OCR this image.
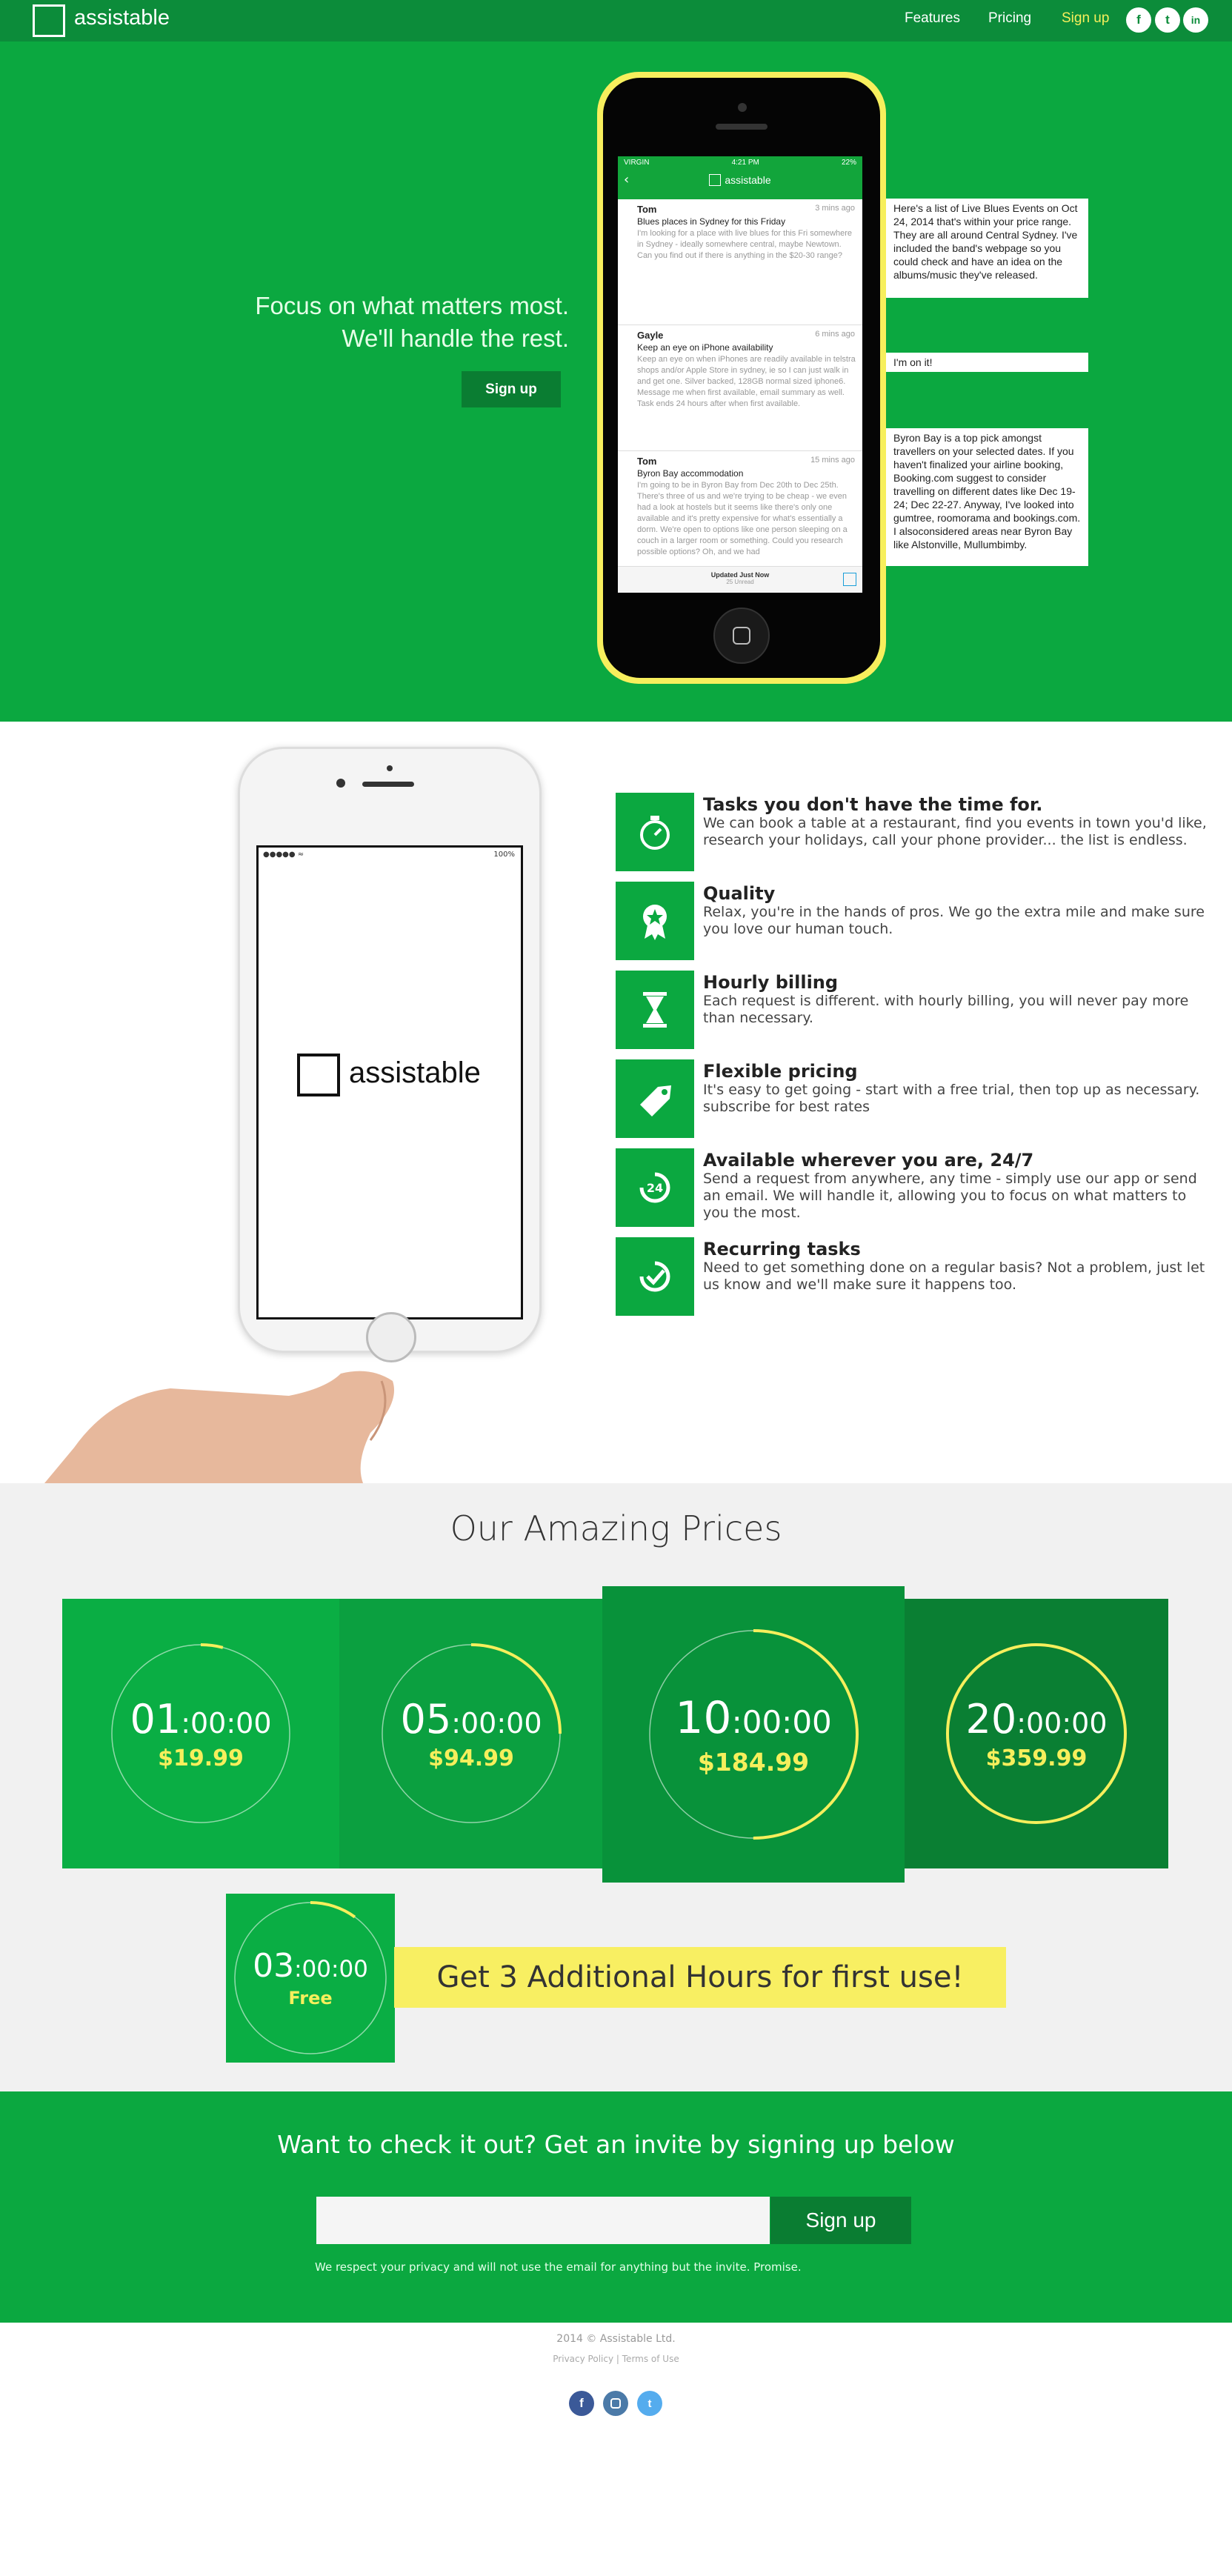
assistable	Features Pricing Sign up	f	t	in
Focus on what matters most.
We'll handle the rest.
Sign up
VIRGIN	4:21 PM	22%
‹	assistable
Tom	3 mins ago
Blues places in Sydney for this Friday
I'm looking for a place with live blues for this Fri somewhere in Sydney - ideally somewhere central, maybe Newtown. Can you find out if there is anything in the $20-30 range?
Gayle	6 mins ago
Keep an eye on iPhone availability
Keep an eye on when iPhones are readily available in telstra shops and/or Apple Store in sydney, ie so I can just walk in and get one. Silver backed, 128GB normal sized iphone6. Message me when first available, email summary as well. Task ends 24 hours after when first available.
Tom	15 mins ago
Byron Bay accommodation
I'm going to be in Byron Bay from Dec 20th to Dec 25th. There's three of us and we're trying to be cheap - we even had a look at hostels but it seems like there's only one available and it's pretty expensive for what's essentially a dorm. We're open to options like one person sleeping on a couch in a larger room or something. Could you research possible options? Oh, and we had
Updated Just Now
25 Unread
Here's a list of Live Blues Events on Oct 24, 2014 that's within your price range. They are all around Central Sydney. I've included the band's webpage so you could check and have an idea on the albums/music they've released.
I'm on it!
Byron Bay is a top pick amongst travellers on your selected dates. If you haven't finalized your airline booking, Booking.com suggest to consider travelling on different dates like Dec 19-24; Dec 22-27. Anyway, I've looked into gumtree, roomorama and bookings.com. I alsoconsidered areas near Byron Bay like Alstonville, Mullumbimby.
●●●●● ≈	100%
assistable
Tasks you don't have the time for.
We can book a table at a restaurant, find you events in town you'd like, research your holidays, call your phone provider... the list is endless.
Quality
Relax, you're in the hands of pros. We go the extra mile and make sure you love our human touch.
Hourly billing
Each request is different. with hourly billing, you will never pay more than necessary.
Flexible pricing
It's easy to get going - start with a free trial, then top up as necessary. subscribe for best rates
24
Available wherever you are, 24/7
Send a request from anywhere, any time - simply use our app or send an email. We will handle it, allowing you to focus on what matters to you the most.
Recurring tasks
Need to get something done on a regular basis? Not a problem, just let us know and we'll make sure it happens too.
Our Amazing Prices
01:00:00
$19.99
05:00:00
$94.99
10:00:00
$184.99
20:00:00
$359.99
03:00:00
Free
Get 3 Additional Hours for first use!
Want to check it out? Get an invite by signing up below
Sign up
We respect your privacy and will not use the email for anything but the invite. Promise.
2014 © Assistable Ltd.
Privacy Policy | Terms of Use
f	t
